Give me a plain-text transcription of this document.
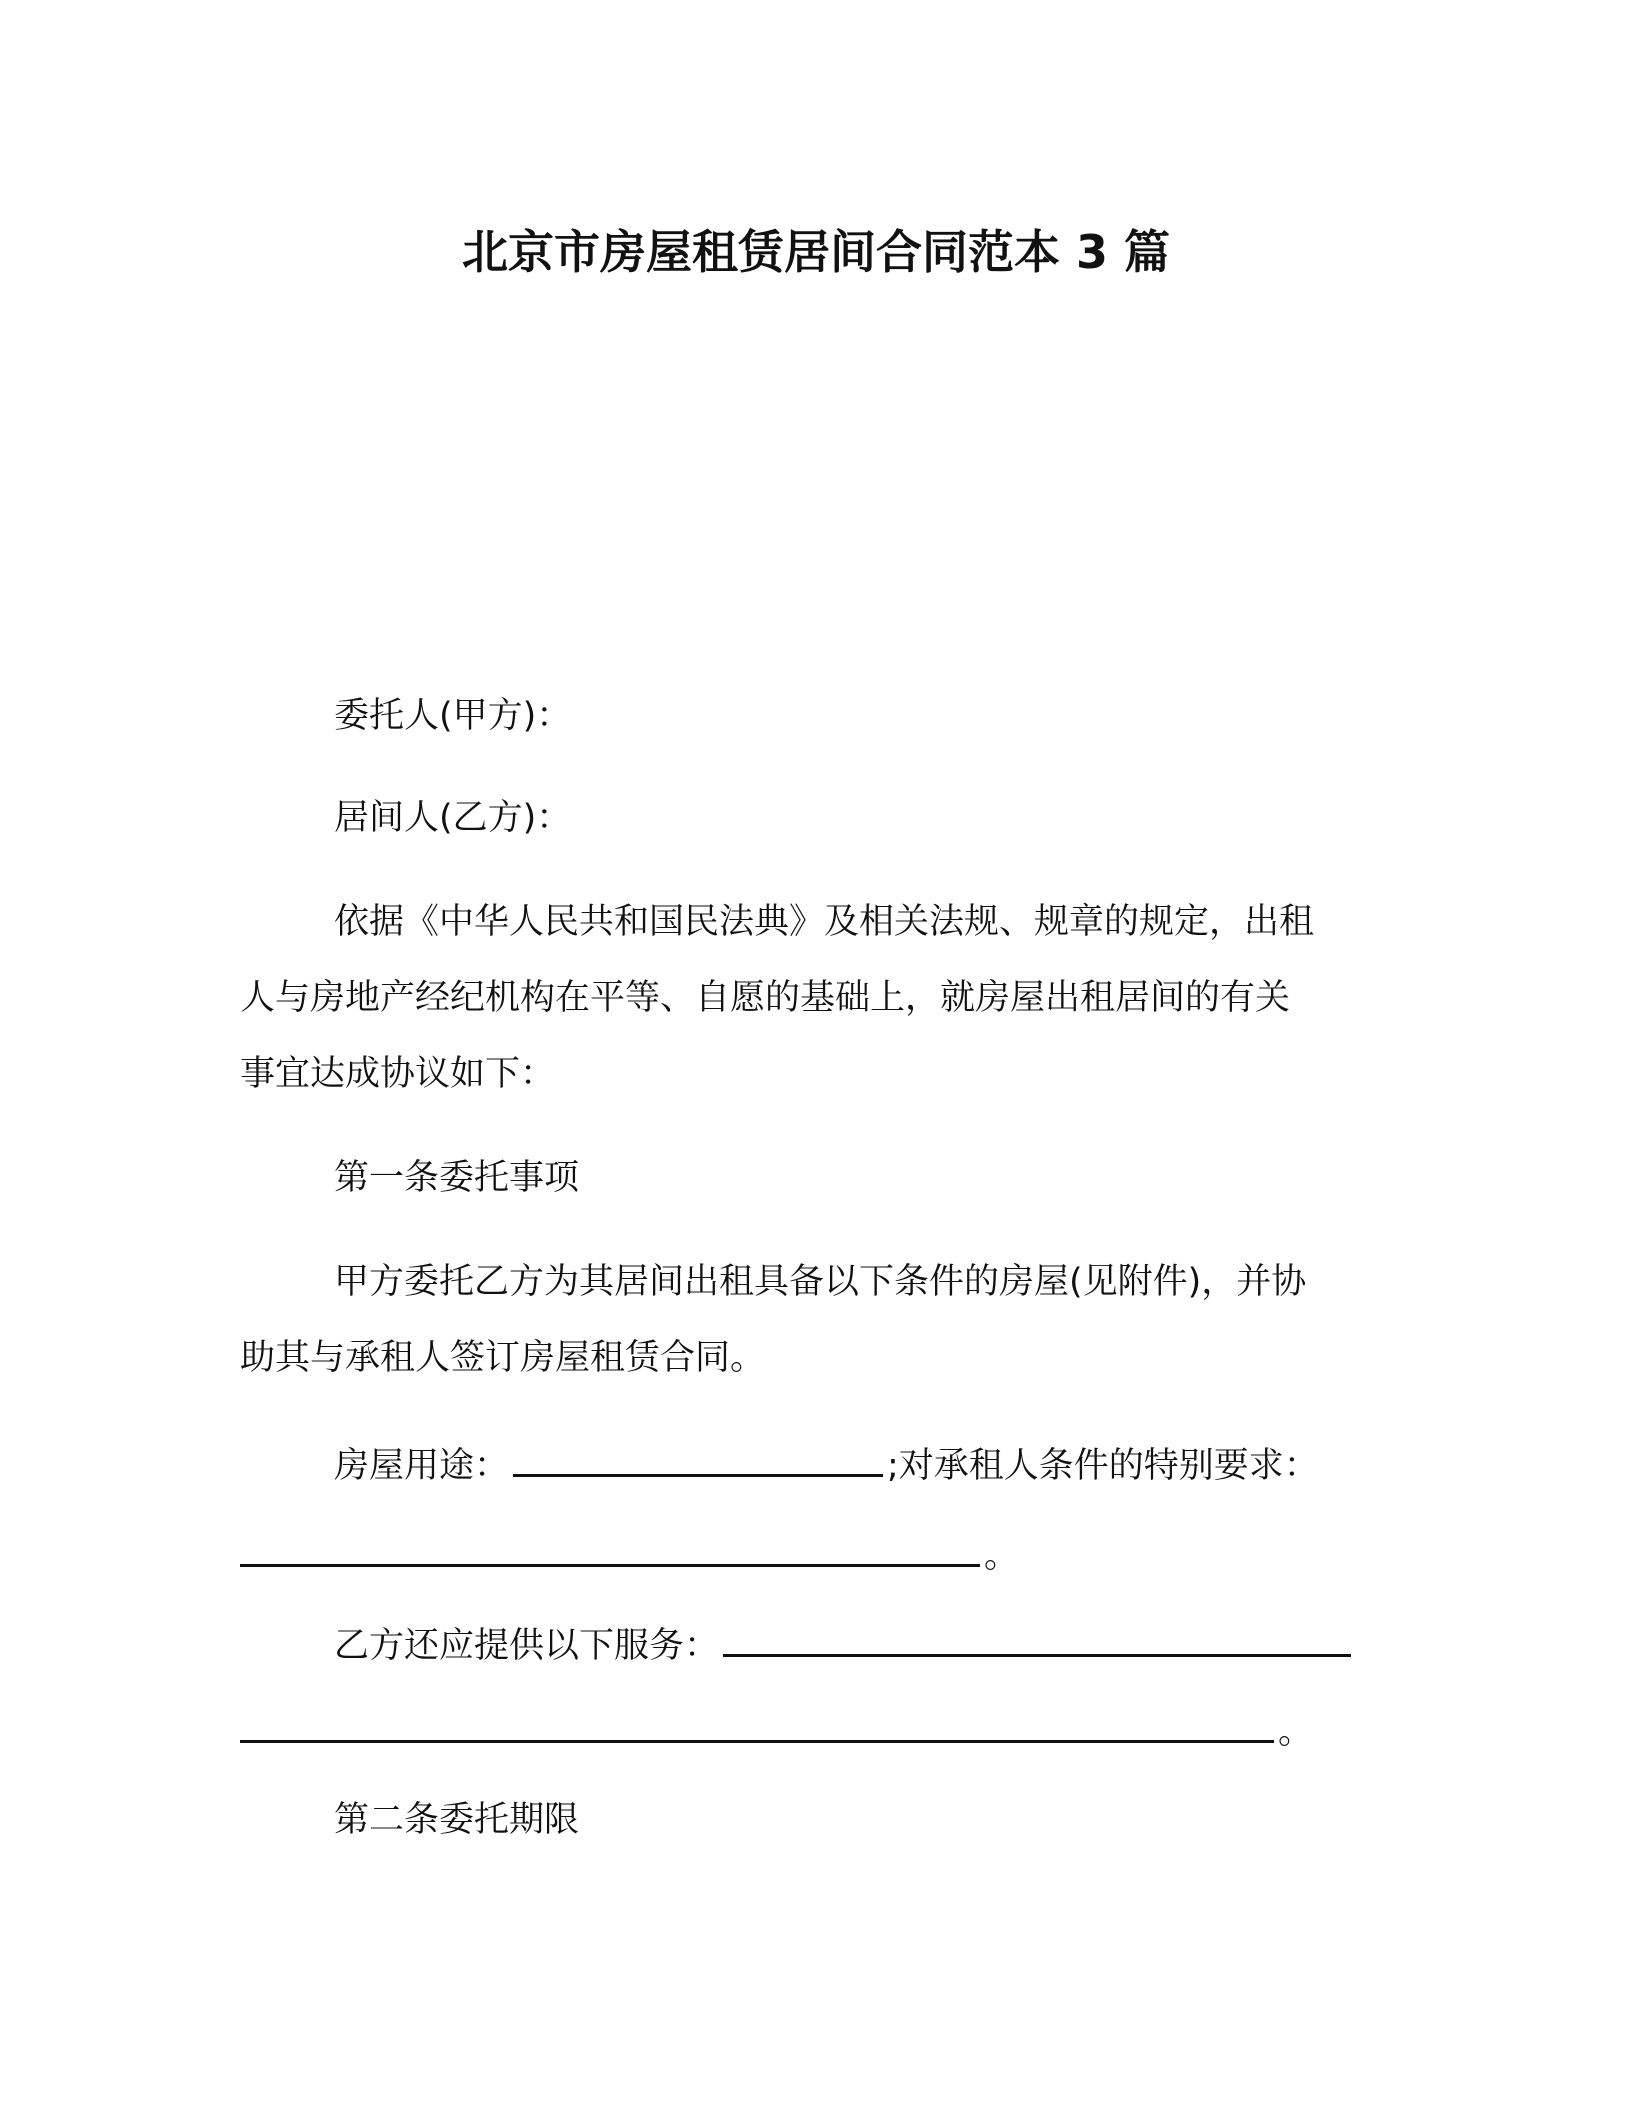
北京市房屋租赁居间合同范本 3 篇
委托人(甲方)：
居间人(乙方)：
依据《中华人民共和国民法典》及相关法规、规章的规定，出租
人与房地产经纪机构在平等、自愿的基础上，就房屋出租居间的有关
事宜达成协议如下：
第一条委托事项
甲方委托乙方为其居间出租具备以下条件的房屋(见附件)，并协
助其与承租人签订房屋租赁合同。
房屋用途：	;对承租人条件的特别要求：
。
乙方还应提供以下服务：
。
第二条委托期限
